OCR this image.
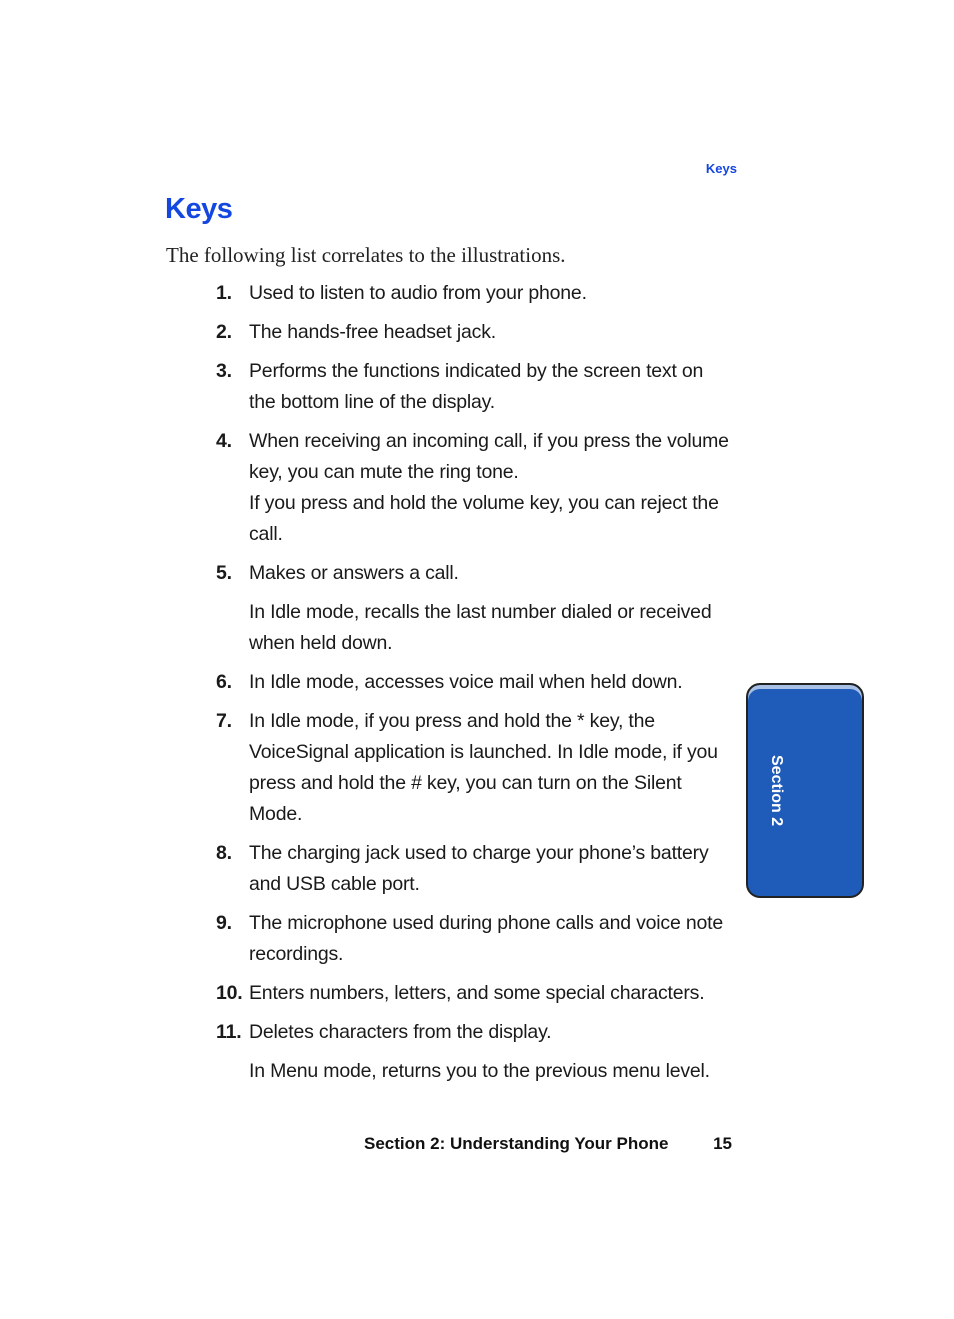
Keys
Keys

The following list correlates to the illustrations.

1. Used to listen to audio from your phone.
2. The hands-free headset jack.
3. Performs the functions indicated by the screen text on
the bottom line of the display.
4. When receiving an incoming call, if you press the volume
key, you can mute the ring tone.
If you press and hold the volume key, you can reject the
call.
5. Makes or answers a call.
In Idle mode, recalls the last number dialed or received
when held down.
6. In Idle mode, accesses voice mail when held down.
7. In Idle mode, if you press and hold the * key, the
VoiceSignal application is launched. In Idle mode, if you
press and hold the # key, you can turn on the Silent
Mode.
8. The charging jack used to charge your phone’s battery
and USB cable port.
9. The microphone used during phone calls and voice note
recordings.
10. Enters numbers, letters, and some special characters.
11. Deletes characters from the display.
In Menu mode, returns you to the previous menu level.
Section 2
Section 2: Understanding Your Phone	15
